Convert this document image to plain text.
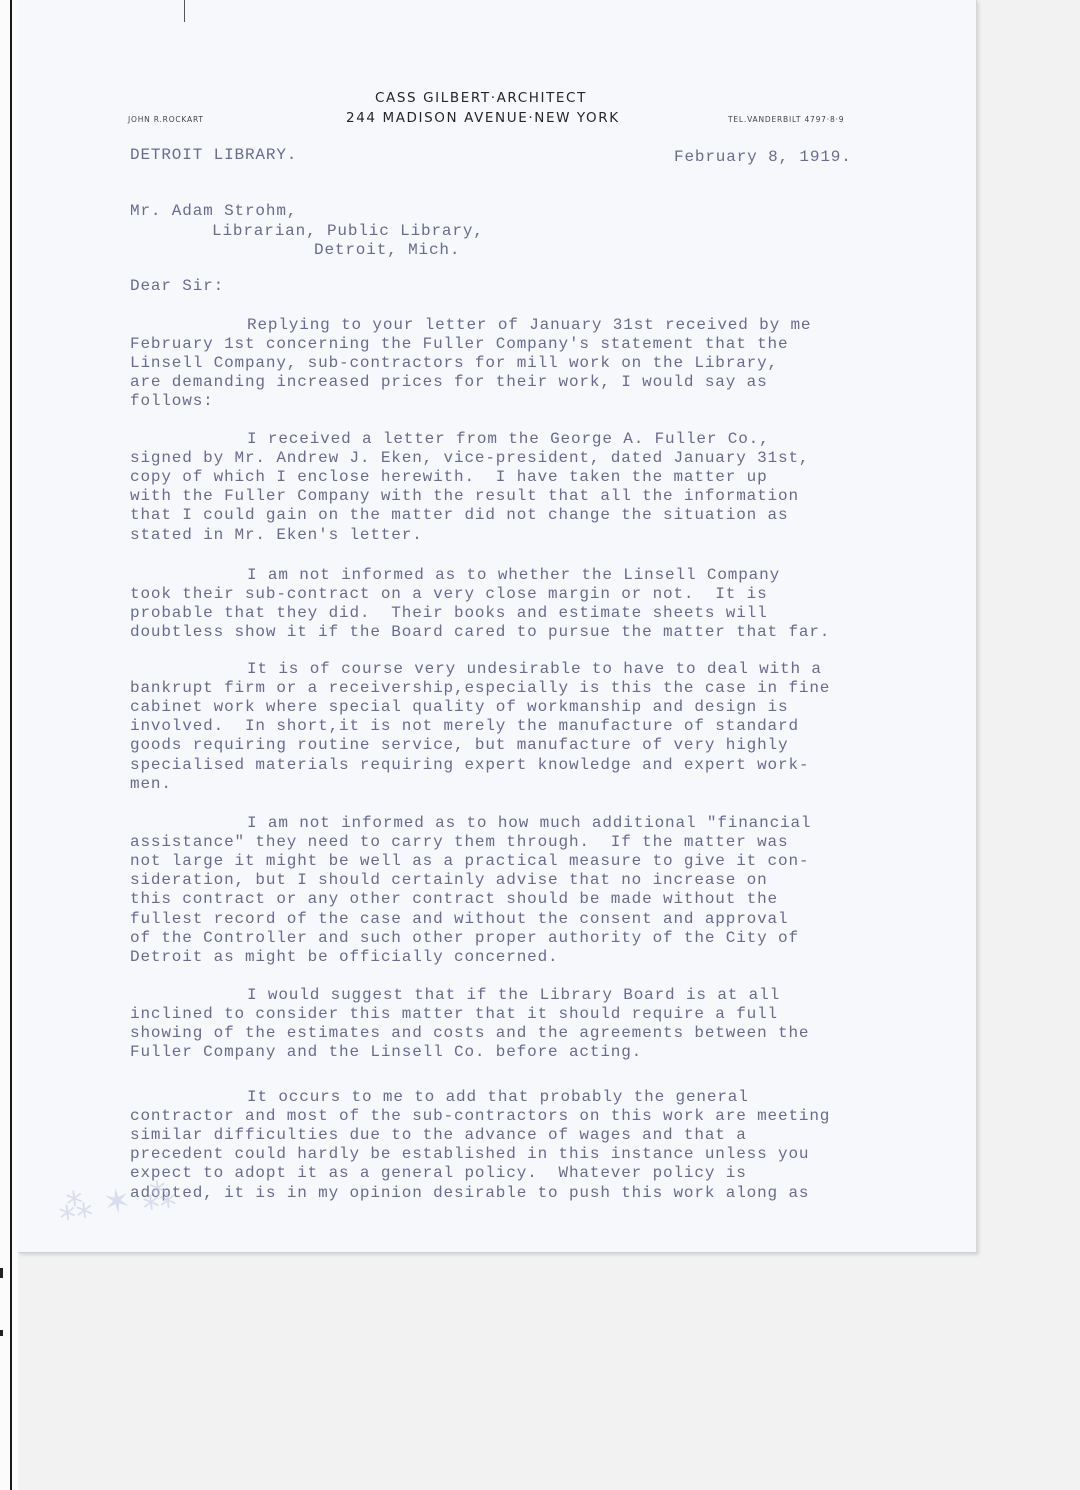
CASS GILBERT·ARCHITECT
244 MADISON AVENUE·NEW YORK
JOHN R.ROCKART	TEL.VANDERBILT 4797·8·9

DETROIT LIBRARY.

	February 8, 1919.

Mr. Adam Strohm,

Librarian, Public Library,

Detroit, Mich.

Dear Sir:

Replying to your letter of January 31st received by me
February 1st concerning the Fuller Company's statement that the
Linsell Company, sub-contractors for mill work on the Library,
are demanding increased prices for their work, I would say as
follows:
I received a letter from the George A. Fuller Co.,
signed by Mr. Andrew J. Eken, vice-president, dated January 31st,
copy of which I enclose herewith.  I have taken the matter up
with the Fuller Company with the result that all the information
that I could gain on the matter did not change the situation as
stated in Mr. Eken's letter.
I am not informed as to whether the Linsell Company
took their sub-contract on a very close margin or not.  It is
probable that they did.  Their books and estimate sheets will
doubtless show it if the Board cared to pursue the matter that far.
It is of course very undesirable to have to deal with a
bankrupt firm or a receivership,especially is this the case in fine
cabinet work where special quality of workmanship and design is
involved.  In short,it is not merely the manufacture of standard
goods requiring routine service, but manufacture of very highly
specialised materials requiring expert knowledge and expert work-
men.
I am not informed as to how much additional "financial
assistance" they need to carry them through.  If the matter was
not large it might be well as a practical measure to give it con-
sideration, but I should certainly advise that no increase on
this contract or any other contract should be made without the
fullest record of the case and without the consent and approval
of the Controller and such other proper authority of the City of
Detroit as might be officially concerned.
I would suggest that if the Library Board is at all
inclined to consider this matter that it should require a full
showing of the estimates and costs and the agreements between the
Fuller Company and the Linsell Co. before acting.
It occurs to me to add that probably the general
contractor and most of the sub-contractors on this work are meeting
similar difficulties due to the advance of wages and that a
precedent could hardly be established in this instance unless you
expect to adopt it as a general policy.  Whatever policy is
adopted, it is in my opinion desirable to push this work along as
⁂ ✶ ⁂
